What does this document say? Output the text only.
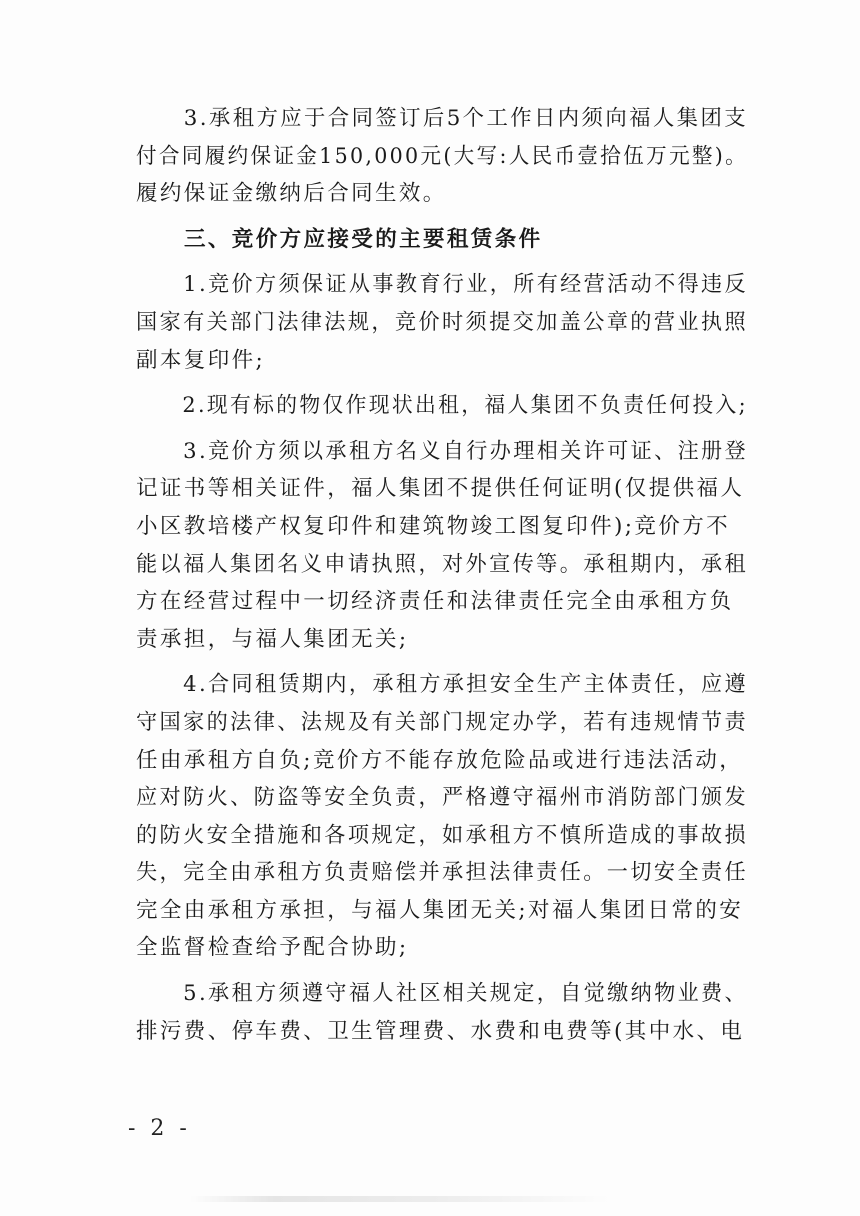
3.承租方应于合同签订后5个工作日内须向福人集团支
付合同履约保证金150,000元(大写:人民币壹拾伍万元整)。
履约保证金缴纳后合同生效。
三、竞价方应接受的主要租赁条件
1.竞价方须保证从事教育行业，所有经营活动不得违反
国家有关部门法律法规，竞价时须提交加盖公章的营业执照
副本复印件;
2.现有标的物仅作现状出租，福人集团不负责任何投入;
3.竞价方须以承租方名义自行办理相关许可证、注册登
记证书等相关证件，福人集团不提供任何证明(仅提供福人
小区教培楼产权复印件和建筑物竣工图复印件);竞价方不
能以福人集团名义申请执照，对外宣传等。承租期内，承租
方在经营过程中一切经济责任和法律责任完全由承租方负
责承担，与福人集团无关;
4.合同租赁期内，承租方承担安全生产主体责任，应遵
守国家的法律、法规及有关部门规定办学，若有违规情节责
任由承租方自负;竞价方不能存放危险品或进行违法活动，
应对防火、防盗等安全负责，严格遵守福州市消防部门颁发
的防火安全措施和各项规定，如承租方不慎所造成的事故损
失，完全由承租方负责赔偿并承担法律责任。一切安全责任
完全由承租方承担，与福人集团无关;对福人集团日常的安
全监督检查给予配合协助;
5.承租方须遵守福人社区相关规定，自觉缴纳物业费、
排污费、停车费、卫生管理费、水费和电费等(其中水、电
- 2 -
